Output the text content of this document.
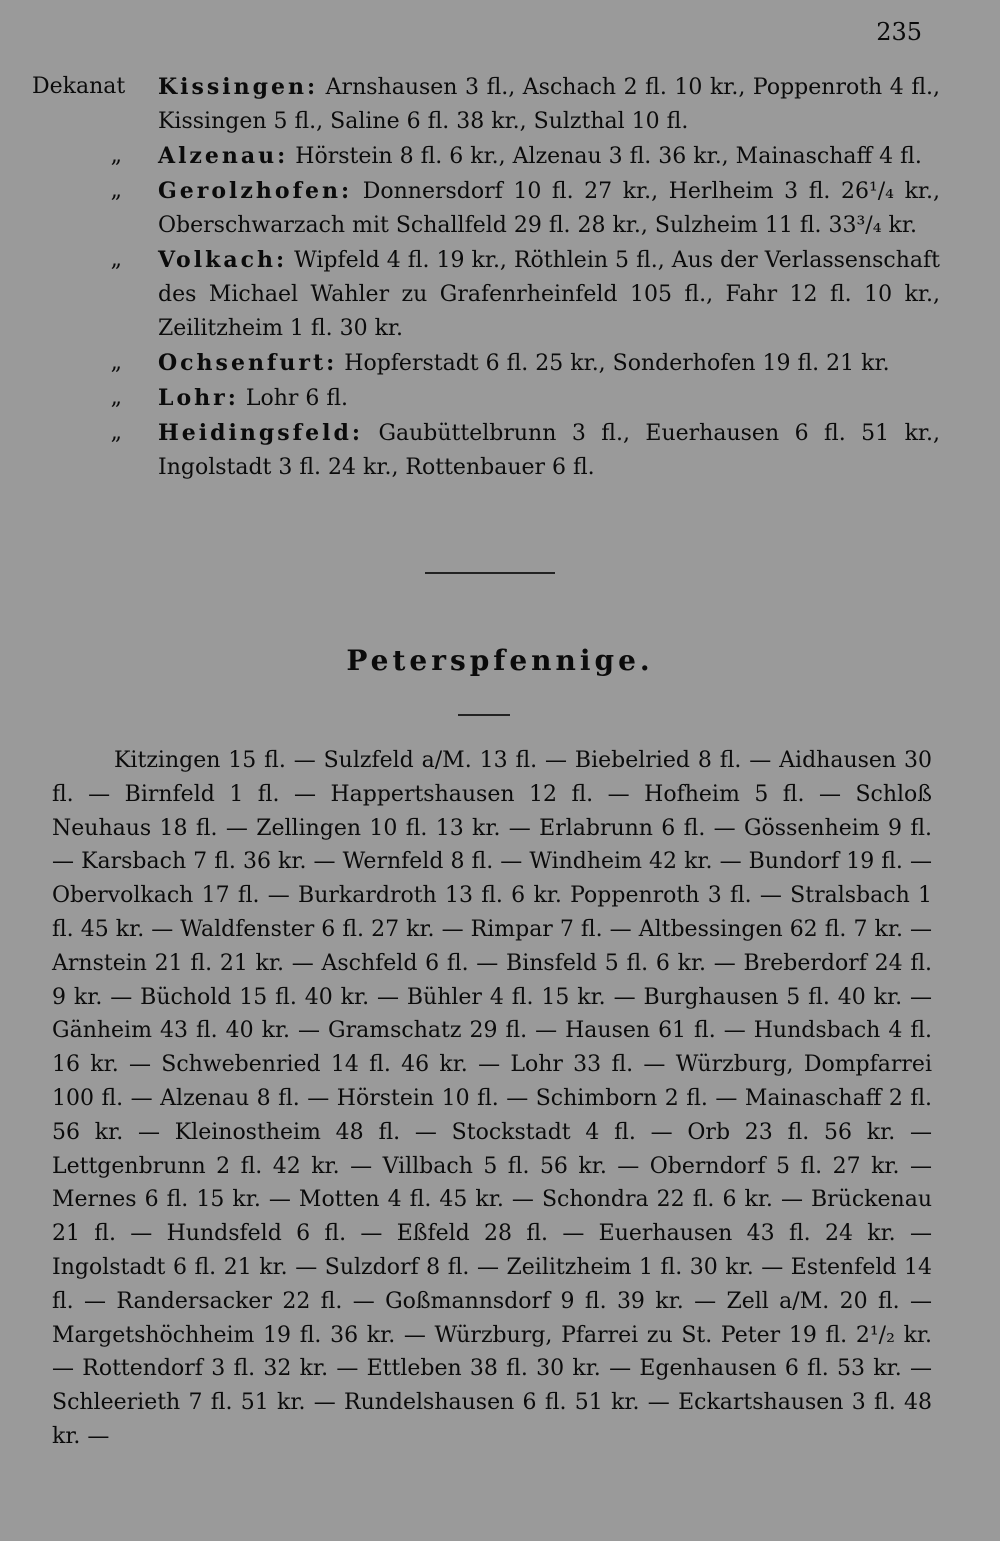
235
Dekanat	Kissingen: Arnshausen 3 fl., Aschach 2 fl. 10 kr., Poppenroth 4 fl., Kissingen 5 fl., Saline 6 fl. 38 kr., Sulzthal 10 fl.
„	Alzenau: Hörstein 8 fl. 6 kr., Alzenau 3 fl. 36 kr., Mainaschaff 4 fl.
„	Gerolzhofen: Donnersdorf 10 fl. 27 kr., Herlheim 3 fl. 26¹/₄ kr., Oberschwarzach mit Schallfeld 29 fl. 28 kr., Sulzheim 11 fl. 33³/₄ kr.
„	Volkach: Wipfeld 4 fl. 19 kr., Röthlein 5 fl., Aus der Verlassenschaft des Michael Wahler zu Grafenrheinfeld 105 fl., Fahr 12 fl. 10 kr., Zeilitzheim 1 fl. 30 kr.
„	Ochsenfurt: Hopferstadt 6 fl. 25 kr., Sonderhofen 19 fl. 21 kr.
„	Lohr: Lohr 6 fl.
„	Heidingsfeld: Gaubüttelbrunn 3 fl., Euerhausen 6 fl. 51 kr., Ingolstadt 3 fl. 24 kr., Rottenbauer 6 fl.
Peterspfennige.

Kitzingen 15 fl. — Sulzfeld a/M. 13 fl. — Biebelried 8 fl. — Aidhausen 30 fl. — Birnfeld 1 fl. — Happertshausen 12 fl. — Hofheim 5 fl. — Schloß Neuhaus 18 fl. — Zellingen 10 fl. 13 kr. — Erlabrunn 6 fl. — Gössenheim 9 fl. — Karsbach 7 fl. 36 kr. — Wernfeld 8 fl. — Windheim 42 kr. — Bundorf 19 fl. — Obervolkach 17 fl. — Burkardroth 13 fl. 6 kr. Poppenroth 3 fl. — Stralsbach 1 fl. 45 kr. — Waldfenster 6 fl. 27 kr. — Rimpar 7 fl. — Altbessingen 62 fl. 7 kr. — Arnstein 21 fl. 21 kr. — Aschfeld 6 fl. — Binsfeld 5 fl. 6 kr. — Breberdorf 24 fl. 9 kr. — Büchold 15 fl. 40 kr. — Bühler 4 fl. 15 kr. — Burghausen 5 fl. 40 kr. — Gänheim 43 fl. 40 kr. — Gramschatz 29 fl. — Hausen 61 fl. — Hundsbach 4 fl. 16 kr. — Schwebenried 14 fl. 46 kr. — Lohr 33 fl. — Würzburg, Dompfarrei 100 fl. — Alzenau 8 fl. — Hörstein 10 fl. — Schimborn 2 fl. — Mainaschaff 2 fl. 56 kr. — Kleinostheim 48 fl. — Stockstadt 4 fl. — Orb 23 fl. 56 kr. — Lettgenbrunn 2 fl. 42 kr. — Villbach 5 fl. 56 kr. — Oberndorf 5 fl. 27 kr. — Mernes 6 fl. 15 kr. — Motten 4 fl. 45 kr. — Schondra 22 fl. 6 kr. — Brückenau 21 fl. — Hundsfeld 6 fl. — Eßfeld 28 fl. — Euerhausen 43 fl. 24 kr. — Ingolstadt 6 fl. 21 kr. — Sulzdorf 8 fl. — Zeilitzheim 1 fl. 30 kr. — Estenfeld 14 fl. — Randersacker 22 fl. — Goßmannsdorf 9 fl. 39 kr. — Zell a/M. 20 fl. — Margetshöchheim 19 fl. 36 kr. — Würzburg, Pfarrei zu St. Peter 19 fl. 2¹/₂ kr. — Rottendorf 3 fl. 32 kr. — Ettleben 38 fl. 30 kr. — Egenhausen 6 fl. 53 kr. — Schleerieth 7 fl. 51 kr. — Rundelshausen 6 fl. 51 kr. — Eckartshausen 3 fl. 48 kr. —
